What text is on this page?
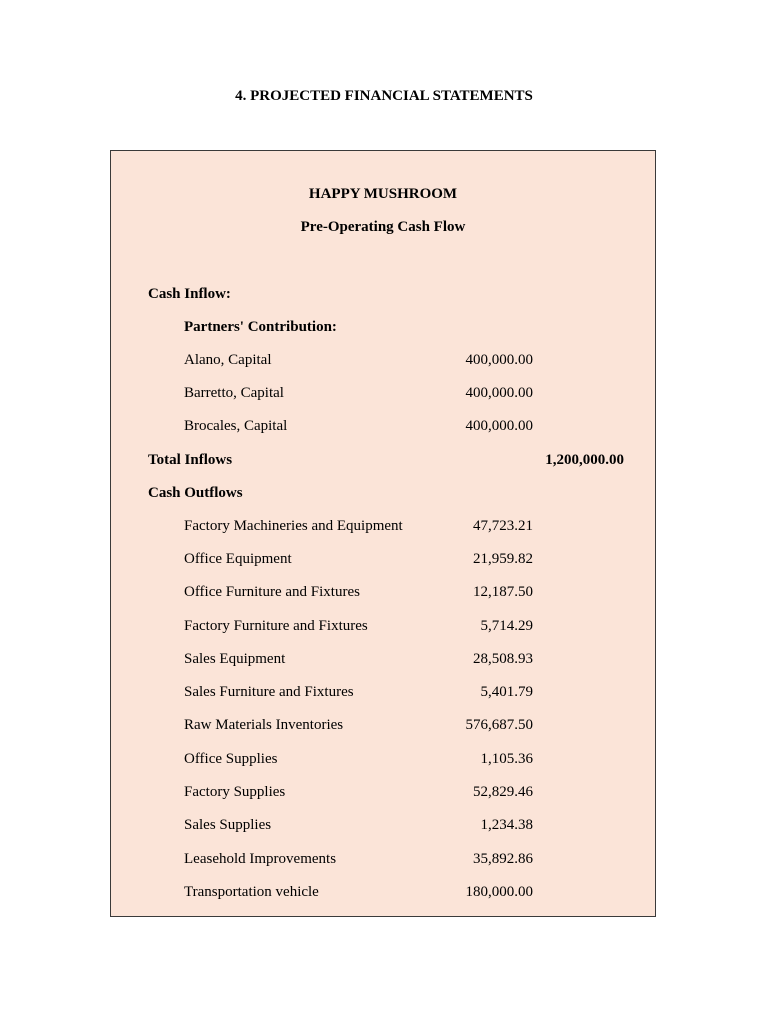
4. PROJECTED FINANCIAL STATEMENTS
HAPPY MUSHROOM
Pre-Operating Cash Flow
Cash Inflow:
Partners' Contribution:
Alano, Capital	400,000.00
Barretto, Capital	400,000.00
Brocales, Capital	400,000.00
Total Inflows	1,200,000.00
Cash Outflows
Factory Machineries and Equipment	47,723.21
Office Equipment	21,959.82
Office Furniture and Fixtures	12,187.50
Factory Furniture and Fixtures	5,714.29
Sales Equipment	28,508.93
Sales Furniture and Fixtures	5,401.79
Raw Materials Inventories	576,687.50
Office Supplies	1,105.36
Factory Supplies	52,829.46
Sales Supplies	1,234.38
Leasehold Improvements	35,892.86
Transportation vehicle	180,000.00
